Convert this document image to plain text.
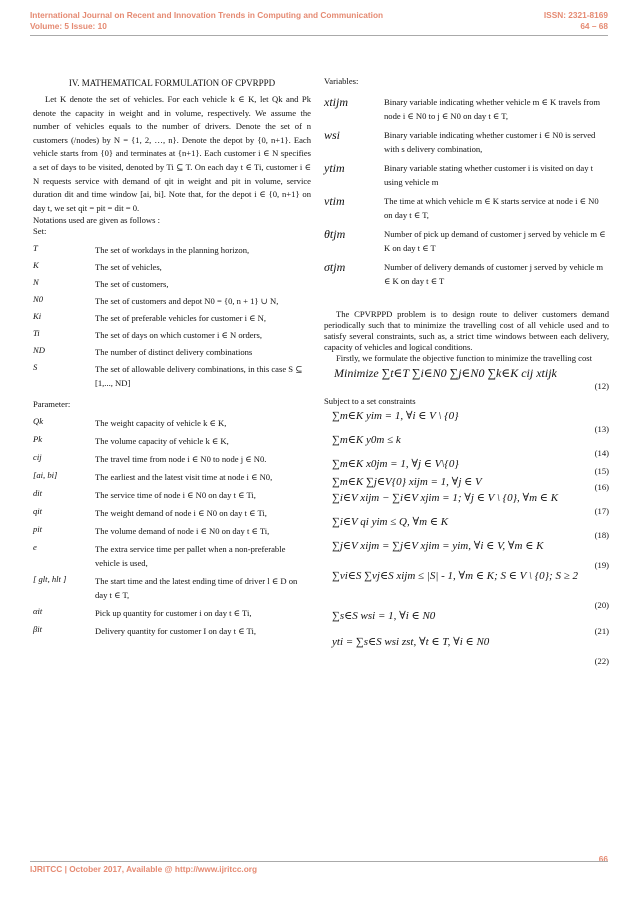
International Journal on Recent and Innovation Trends in Computing and Communication
Volume: 5 Issue: 10
ISSN: 2321-8169
64 – 68

IV. MATHEMATICAL FORMULATION OF CPVRPPD

Let K denote the set of vehicles. For each vehicle k ∈ K, let Qk and Pk denote the capacity in weight and in volume, respectively. We assume the number of vehicles equals to the number of drivers. Denote the set of n customers (/nodes) by N = {1, 2, …, n}. Denote the depot by {0, n+1}. Each vehicle starts from {0} and terminates at {n+1}. Each customer i ∈ N specifies a set of days to be visited, denoted by Ti ⊆ T. On each day t ∈ Ti, customer i ∈ N requests service with demand of qit in weight and pit in volume, service duration dit and time window [ai, bi]. Note that, for the depot i ∈ {0, n+1} on day t, we set qit = pit = dit = 0.

Notations used are given as follows :

Set:

T	The set of workdays in the planning horizon,
K	The set of vehicles,
N	The set of customers,
N0	The set of customers and depot N0 = {0, n + 1} ∪ N,
Ki	The set of preferable vehicles for customer i ∈ N,
Ti	The set of days on which customer i ∈ N orders,
ND	The number of distinct delivery combinations
S	The set of allowable delivery combinations, in this case S ⊆ [1,..., ND]

Parameter:

Qk	The weight capacity of vehicle k ∈ K,
Pk	The volume capacity of vehicle k ∈ K,
cij	The travel time from node i ∈ N0 to node j ∈ N0.
[ai, bi]	The earliest and the latest visit time at node i ∈ N0,
dit	The service time of node i ∈ N0 on day t ∈ Ti,
qit	The weight demand of node i ∈ N0 on day t ∈ Ti,
pit	The volume demand of node i ∈ N0 on day t ∈ Ti,
e	The extra service time per pallet when a non-preferable vehicle is used,
[ glt, hlt ]	The start time and the latest ending time of driver l ∈ D on day t ∈ T,
αit	Pick up quantity for customer i on day t ∈ Ti,
βit	Delivery quantity for customer I on day t ∈ Ti,

Variables:

xtijm	Binary variable indicating whether vehicle m ∈ K travels from node i ∈ N0 to j ∈ N0 on day t ∈ T,
wsi	Binary variable indicating whether customer i ∈ N0 is served with s delivery combination,
ytim	Binary variable stating whether customer i is visited on day t using vehicle m
vtim	The time at which vehicle m ∈ K starts service at node i ∈ N0 on day t ∈ T,
θtjm	Number of pick up demand of customer j served by vehicle m ∈ K on day t ∈ T
σtjm	Number of delivery demands of customer j served by vehicle m ∈ K on day t ∈ T

The CPVRPPD problem is to design route to deliver customers demand periodically such that to minimize the travelling cost of all vehicle used and to satisfy several constraints, such as, a strict time windows between each delivery, capacity of vehicles and logical conditions.

Firstly, we formulate the objective function to minimize the travelling cost

Minimize ∑t∈T ∑i∈N0 ∑j∈N0 ∑k∈K cij xtijk
(12)

Subject to a set constraints

∑m∈K yim = 1, ∀i ∈ V \ {0}
(13)
∑m∈K y0m ≤ k
(14)
∑m∈K x0jm = 1, ∀j ∈ V\{0}
(15)
∑m∈K ∑j∈V{0} xijm = 1, ∀j ∈ V	(16)
∑i∈V xijm − ∑i∈V xjim = 1; ∀j ∈ V \ {0}, ∀m ∈ K
(17)
∑i∈V qi yim ≤ Q, ∀m ∈ K
(18)
∑j∈V xijm = ∑j∈V xjim = yim, ∀i ∈ V, ∀m ∈ K
(19)
∑vi∈S ∑vj∈S xijm ≤ |S| - 1, ∀m ∈ K; S ∈ V \ {0}; S ≥ 2
(20)
∑s∈S wsi = 1, ∀i ∈ N0
(21)
yti = ∑s∈S wsi zst, ∀t ∈ T, ∀i ∈ N0
(22)
66
IJRITCC | October 2017, Available @ http://www.ijritcc.org
